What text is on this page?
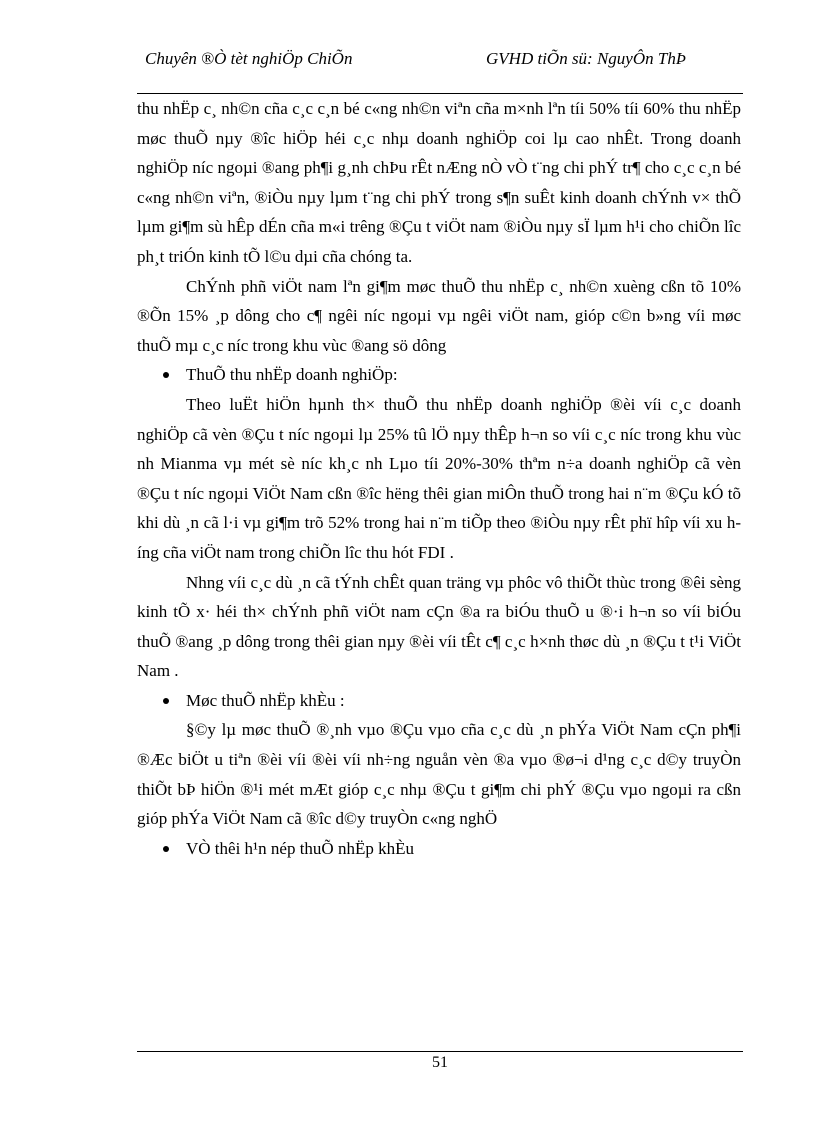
Chuyên ®Ò tèt nghiÖp ChiÕn	GVHD tiÕn sü: NguyÔn ThÞ

thu nhËp c¸ nh©n cña c¸c c¸n bé c«ng nh©n viªn cña m×nh lªn tíi 50% tíi 60% thu nhËp møc thuÕ nµy ®îc hiÖp héi c¸c nhµ doanh nghiÖp coi lµ cao nhÊt. Trong doanh nghiÖp níc ngoµi ®ang ph¶i g¸nh chÞu rÊt nÆng nÒ vÒ t¨ng chi phÝ tr¶ cho c¸c c¸n bé c«ng nh©n viªn, ®iÒu nµy lµm t¨ng chi phÝ trong s¶n suÊt kinh doanh chÝnh v× thÕ lµm gi¶m sù hÊp dÉn cña m«i trêng ®Çu t viÖt nam ®iÒu nµy sÏ lµm h¹i cho chiÕn lîc ph¸t triÓn kinh tÕ l©u dµi cña chóng ta.

ChÝnh phñ viÖt nam lªn gi¶m møc thuÕ thu nhËp c¸ nh©n xuèng cßn tõ 10% ®Õn 15% ¸p dông cho c¶ ngêi níc ngoµi vµ ngêi viÖt nam, gióp c©n b»ng víi møc thuÕ mµ c¸c níc trong khu vùc ®ang sö dông

ThuÕ thu nhËp doanh nghiÖp:

Theo luËt hiÖn hµnh th× thuÕ thu nhËp doanh nghiÖp ®èi víi c¸c doanh nghiÖp cã vèn ®Çu t níc ngoµi lµ 25% tû lÖ nµy thÊp h¬n so víi c¸c níc trong khu vùc nh Mianma vµ mét sè níc kh¸c nh Lµo tíi 20%-30% thªm n÷a doanh nghiÖp cã vèn ®Çu t níc ngoµi ViÖt Nam cßn ®îc hëng thêi gian miÔn thuÕ trong hai n¨m ®Çu kÓ tõ khi dù ¸n cã l·i vµ gi¶m trõ 52% trong hai n¨m tiÕp theo ®iÒu nµy rÊt phï hîp víi xu híng cña viÖt nam trong chiÕn lîc thu hót FDI .

Nhng víi c¸c dù ¸n cã tÝnh chÊt quan träng vµ phôc vô thiÕt thùc trong ®êi sèng kinh tÕ x· héi th× chÝnh phñ viÖt nam cÇn ®a ra biÓu thuÕ u ®·i h¬n so víi biÓu thuÕ ®ang ¸p dông trong thêi gian nµy ®èi víi tÊt c¶ c¸c h×nh thøc dù ¸n ®Çu t t¹i ViÖt Nam .

Møc thuÕ nhËp khÈu :

§©y lµ møc thuÕ ®¸nh vµo ®Çu vµo cña c¸c dù ¸n phÝa ViÖt Nam cÇn ph¶i ®Æc biÖt u tiªn ®èi víi ®èi víi nh÷ng nguån vèn ®a vµo ®ø¬i d¹ng c¸c d©y truyÒn thiÕt bÞ hiÖn ®¹i mét mÆt gióp c¸c nhµ ®Çu t gi¶m chi phÝ ®Çu vµo ngoµi ra cßn gióp phÝa ViÖt Nam cã ®îc d©y truyÒn c«ng nghÖ

VÒ thêi h¹n nép thuÕ nhËp khÈu

51
